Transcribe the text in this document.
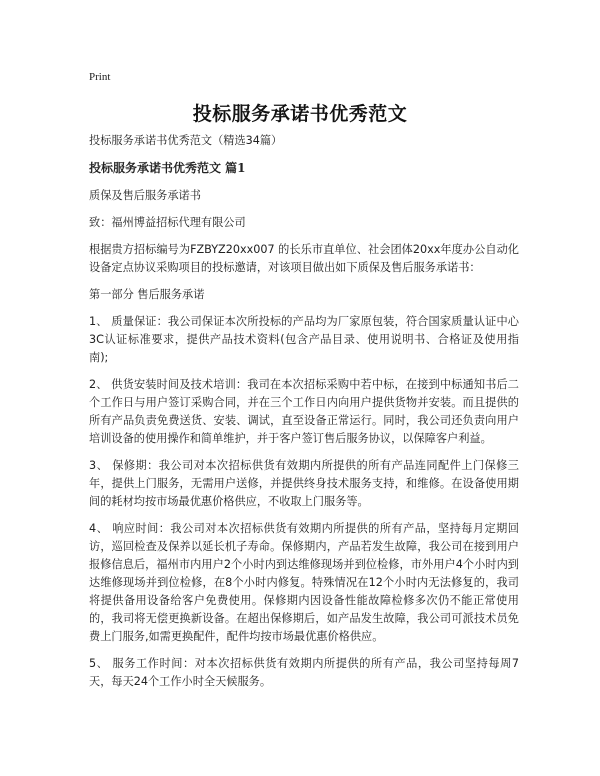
Print
投标服务承诺书优秀范文

投标服务承诺书优秀范文（精选34篇）

投标服务承诺书优秀范文 篇1

质保及售后服务承诺书

致：福州博益招标代理有限公司

根据贵方招标编号为FZBYZ20xx007 的长乐市直单位、社会团体20xx年度办公自动化设备定点协议采购项目的投标邀请，对该项目做出如下质保及售后服务承诺书：

第一部分 售后服务承诺

1、 质量保证：我公司保证本次所投标的产品均为厂家原包装，符合国家质量认证中心3C认证标准要求，提供产品技术资料(包含产品目录、使用说明书、合格证及使用指南);

2、 供货安装时间及技术培训：我司在本次招标采购中若中标，在接到中标通知书后二个工作日与用户签订采购合同，并在三个工作日内向用户提供货物并安装。而且提供的所有产品负责免费送货、安装、调试，直至设备正常运行。同时，我公司还负责向用户培训设备的使用操作和简单维护，并于客户签订售后服务协议，以保障客户利益。

3、 保修期：我公司对本次招标供货有效期内所提供的所有产品连同配件上门保修三年，提供上门服务，无需用户送修，并提供终身技术服务支持，和维修。在设备使用期间的耗材均按市场最优惠价格供应，不收取上门服务等。

4、 响应时间：我公司对本次招标供货有效期内所提供的所有产品，坚持每月定期回访，巡回检查及保养以延长机子寿命。保修期内，产品若发生故障，我公司在接到用户报修信息后，福州市内用户2个小时内到达维修现场并到位检修，市外用户4个小时内到达维修现场并到位检修，在8个小时内修复。特殊情况在12个小时内无法修复的，我司将提供备用设备给客户免费使用。保修期内因设备性能故障检修多次仍不能正常使用的，我司将无偿更换新设备。在超出保修期后，如产品发生故障，我公司可派技术员免费上门服务,如需更换配件，配件均按市场最优惠价格供应。

5、 服务工作时间：对本次招标供货有效期内所提供的所有产品，我公司坚持每周7天，每天24个工作小时全天候服务。
